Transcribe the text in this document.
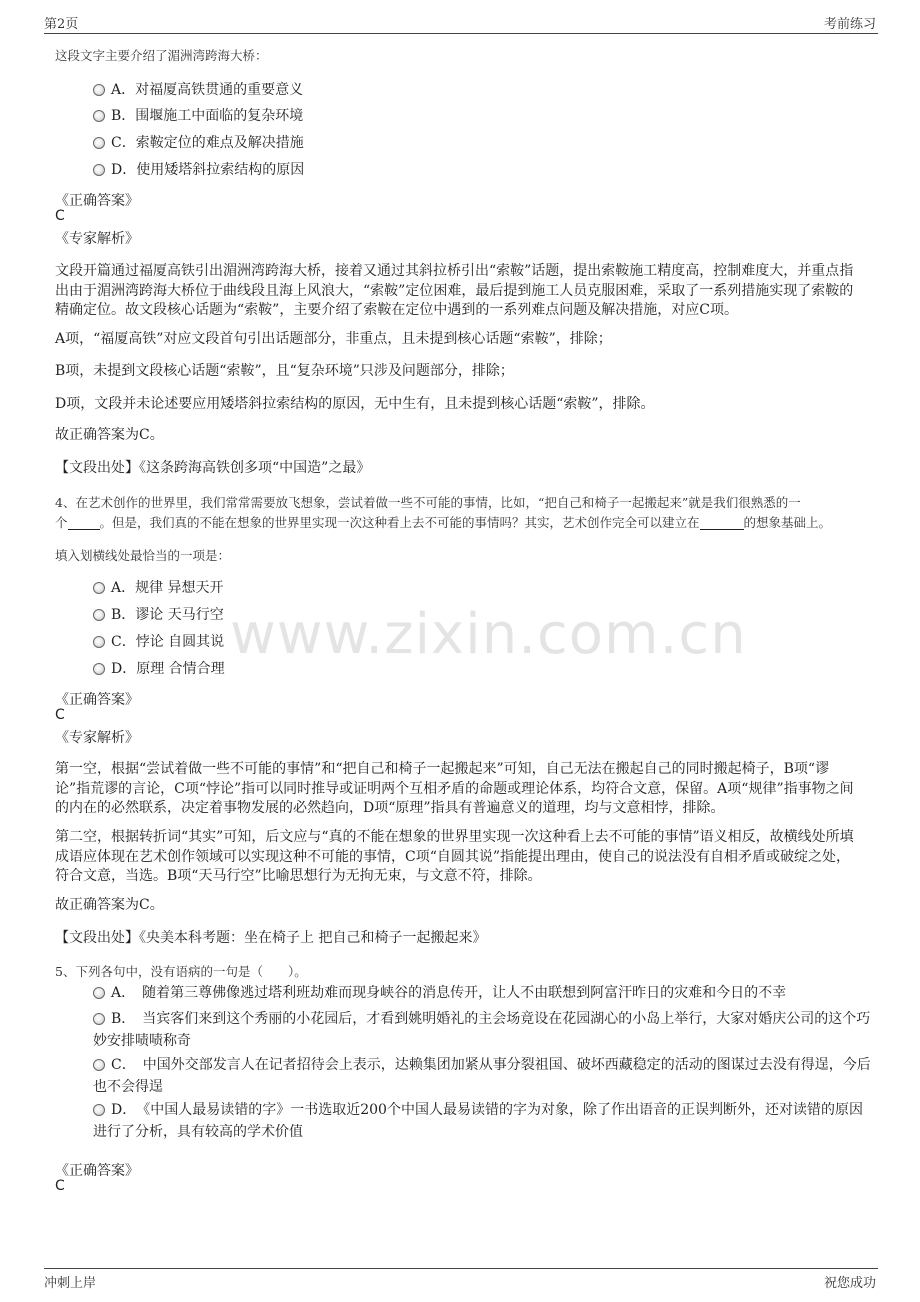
第2页	考前练习
www.zixin.com.cn
这段文字主要介绍了湄洲湾跨海大桥：
A．对福厦高铁贯通的重要意义
B．围堰施工中面临的复杂环境
C．索鞍定位的难点及解决措施
D．使用矮塔斜拉索结构的原因
《正确答案》
C
《专家解析》
文段开篇通过福厦高铁引出湄洲湾跨海大桥，接着又通过其斜拉桥引出“索鞍”话题，提出索鞍施工精度高，控制难度大，并重点指出由于湄洲湾跨海大桥位于曲线段且海上风浪大，“索鞍”定位困难，最后提到施工人员克服困难，采取了一系列措施实现了索鞍的精确定位。故文段核心话题为“索鞍”，主要介绍了索鞍在定位中遇到的一系列难点问题及解决措施，对应C项。
A项，“福厦高铁”对应文段首句引出话题部分，非重点，且未提到核心话题“索鞍”，排除；
B项，未提到文段核心话题“索鞍”，且“复杂环境”只涉及问题部分，排除；
D项，文段并未论述要应用矮塔斜拉索结构的原因，无中生有，且未提到核心话题“索鞍”，排除。
故正确答案为C。
【文段出处】《这条跨海高铁创多项“中国造”之最》
4、在艺术创作的世界里，我们常常需要放飞想象，尝试着做一些不可能的事情，比如，“把自己和椅子一起搬起来”就是我们很熟悉的一
个	。但是，我们真的不能在想象的世界里实现一次这种看上去不可能的事情吗？其实，艺术创作完全可以建立在	的想象基础上。
填入划横线处最恰当的一项是：
A．规律 异想天开
B．谬论 天马行空
C．悖论 自圆其说
D．原理 合情合理
《正确答案》
C
《专家解析》
第一空，根据“尝试着做一些不可能的事情”和“把自己和椅子一起搬起来”可知，自己无法在搬起自己的同时搬起椅子，B项“谬论”指荒谬的言论，C项“悖论”指可以同时推导或证明两个互相矛盾的命题或理论体系，均符合文意，保留。A项“规律”指事物之间的内在的必然联系，决定着事物发展的必然趋向，D项“原理”指具有普遍意义的道理，均与文意相悖，排除。
第二空，根据转折词“其实”可知，后文应与“真的不能在想象的世界里实现一次这种看上去不可能的事情”语义相反，故横线处所填成语应体现在艺术创作领域可以实现这种不可能的事情，C项“自圆其说”指能提出理由，使自己的说法没有自相矛盾或破绽之处，符合文意，当选。B项“天马行空”比喻思想行为无拘无束，与文意不符，排除。
故正确答案为C。
【文段出处】《央美本科考题：坐在椅子上 把自己和椅子一起搬起来》
5、下列各句中，没有语病的一句是（　　）。
A．　随着第三尊佛像逃过塔利班劫难而现身峡谷的消息传开，让人不由联想到阿富汗昨日的灾难和今日的不幸
B．　当宾客们来到这个秀丽的小花园后，才看到姚明婚礼的主会场竟设在花园湖心的小岛上举行，大家对婚庆公司的这个巧妙安排啧啧称奇
C．　中国外交部发言人在记者招待会上表示，达赖集团加紧从事分裂祖国、破坏西藏稳定的活动的图谋过去没有得逞，今后也不会得逞
D．　《中国人最易读错的字》一书选取近200个中国人最易读错的字为对象，除了作出语音的正误判断外，还对读错的原因进行了分析，具有较高的学术价值
《正确答案》
C
冲刺上岸	祝您成功
